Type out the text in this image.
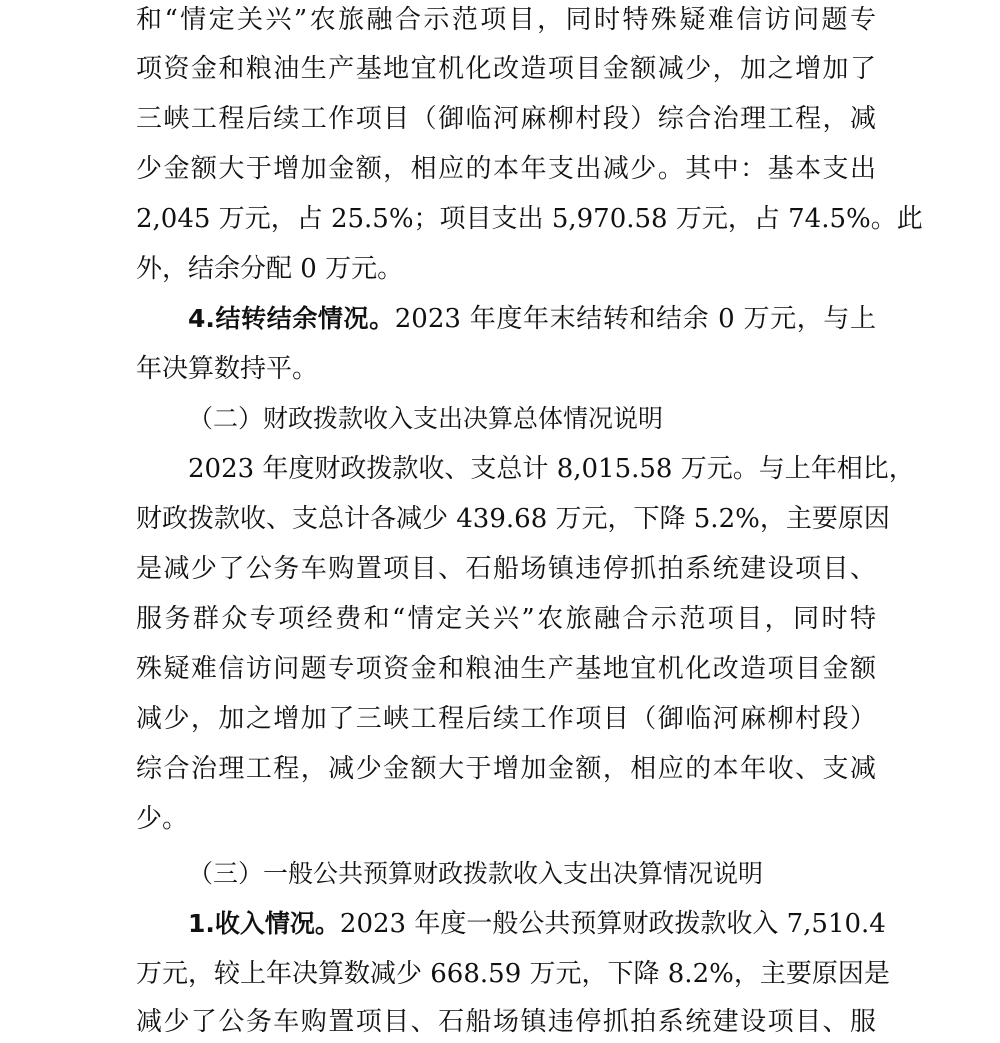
和“情定关兴”农旅融合示范项目，同时特殊疑难信访问题专
项资金和粮油生产基地宜机化改造项目金额减少，加之增加了
三峡工程后续工作项目（御临河麻柳村段）综合治理工程，减
少金额大于增加金额，相应的本年支出减少。其中：基本支出
2,045 万元，占 25.5%；项目支出 5,970.58 万元，占 74.5%。此
外，结余分配 0 万元。
4.结转结余情况。2023 年度年末结转和结余 0 万元，与上
年决算数持平。
（二）财政拨款收入支出决算总体情况说明
2023 年度财政拨款收、支总计 8,015.58 万元。与上年相比，
财政拨款收、支总计各减少 439.68 万元，下降 5.2%，主要原因
是减少了公务车购置项目、石船场镇违停抓拍系统建设项目、
服务群众专项经费和“情定关兴”农旅融合示范项目，同时特
殊疑难信访问题专项资金和粮油生产基地宜机化改造项目金额
减少，加之增加了三峡工程后续工作项目（御临河麻柳村段）
综合治理工程，减少金额大于增加金额，相应的本年收、支减
少。
（三）一般公共预算财政拨款收入支出决算情况说明
1.收入情况。2023 年度一般公共预算财政拨款收入 7,510.4
万元，较上年决算数减少 668.59 万元，下降 8.2%，主要原因是
减少了公务车购置项目、石船场镇违停抓拍系统建设项目、服
